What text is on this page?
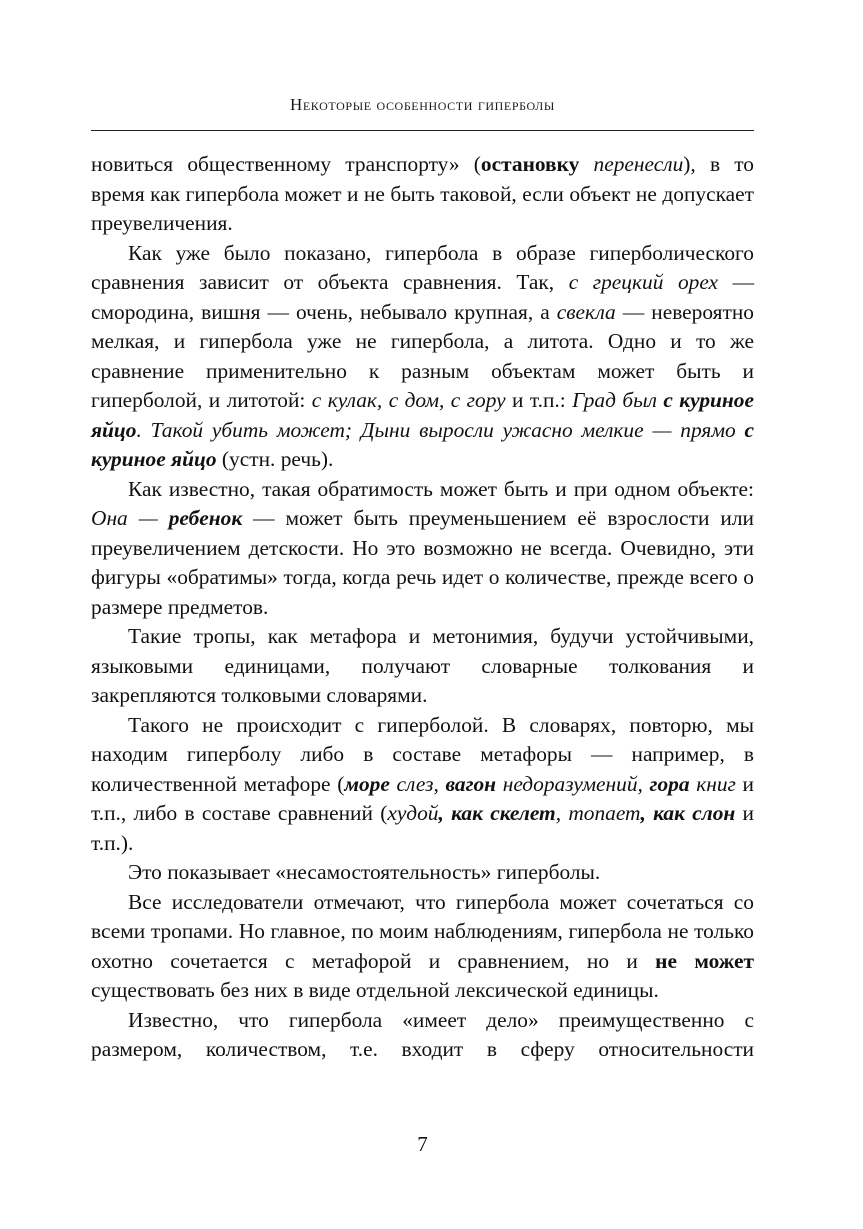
Некоторые особенности гиперболы

новиться общественному транспорту» (остановку перенесли), в то время как гипербола может и не быть таковой, если объект не допускает преувеличения.

Как уже было показано, гипербола в образе гиперболического сравнения зависит от объекта сравнения. Так, с грецкий орех — смородина, вишня — очень, небывало крупная, а свекла — невероятно мелкая, и гипербола уже не гипербола, а литота. Одно и то же сравнение применительно к разным объектам может быть и гиперболой, и литотой: с кулак, с дом, с гору и т.п.: Град был с куриное яйцо. Такой убить может; Дыни выросли ужасно мелкие — прямо с куриное яйцо (устн. речь).

Как известно, такая обратимость может быть и при одном объекте: Она — ребенок — может быть преуменьшением её взрослости или преувеличением детскости. Но это возможно не всегда. Очевидно, эти фигуры «обратимы» тогда, когда речь идет о количестве, прежде всего о размере предметов.

Такие тропы, как метафора и метонимия, будучи устойчивыми, языковыми единицами, получают словарные толкования и закрепляются толковыми словарями.

Такого не происходит с гиперболой. В словарях, повторю, мы находим гиперболу либо в составе метафоры — например, в количественной метафоре (море слез, вагон недоразумений, гора книг и т.п., либо в составе сравнений (худой, как скелет, топает, как слон и т.п.).

Это показывает «несамостоятельность» гиперболы.

Все исследователи отмечают, что гипербола может сочетаться со всеми тропами. Но главное, по моим наблюдениям, гипербола не только охотно сочетается с метафорой и сравнением, но и не может существовать без них в виде отдельной лексической единицы.

Известно, что гипербола «имеет дело» преимущественно с размером, количеством, т.е. входит в сферу относительности

7
